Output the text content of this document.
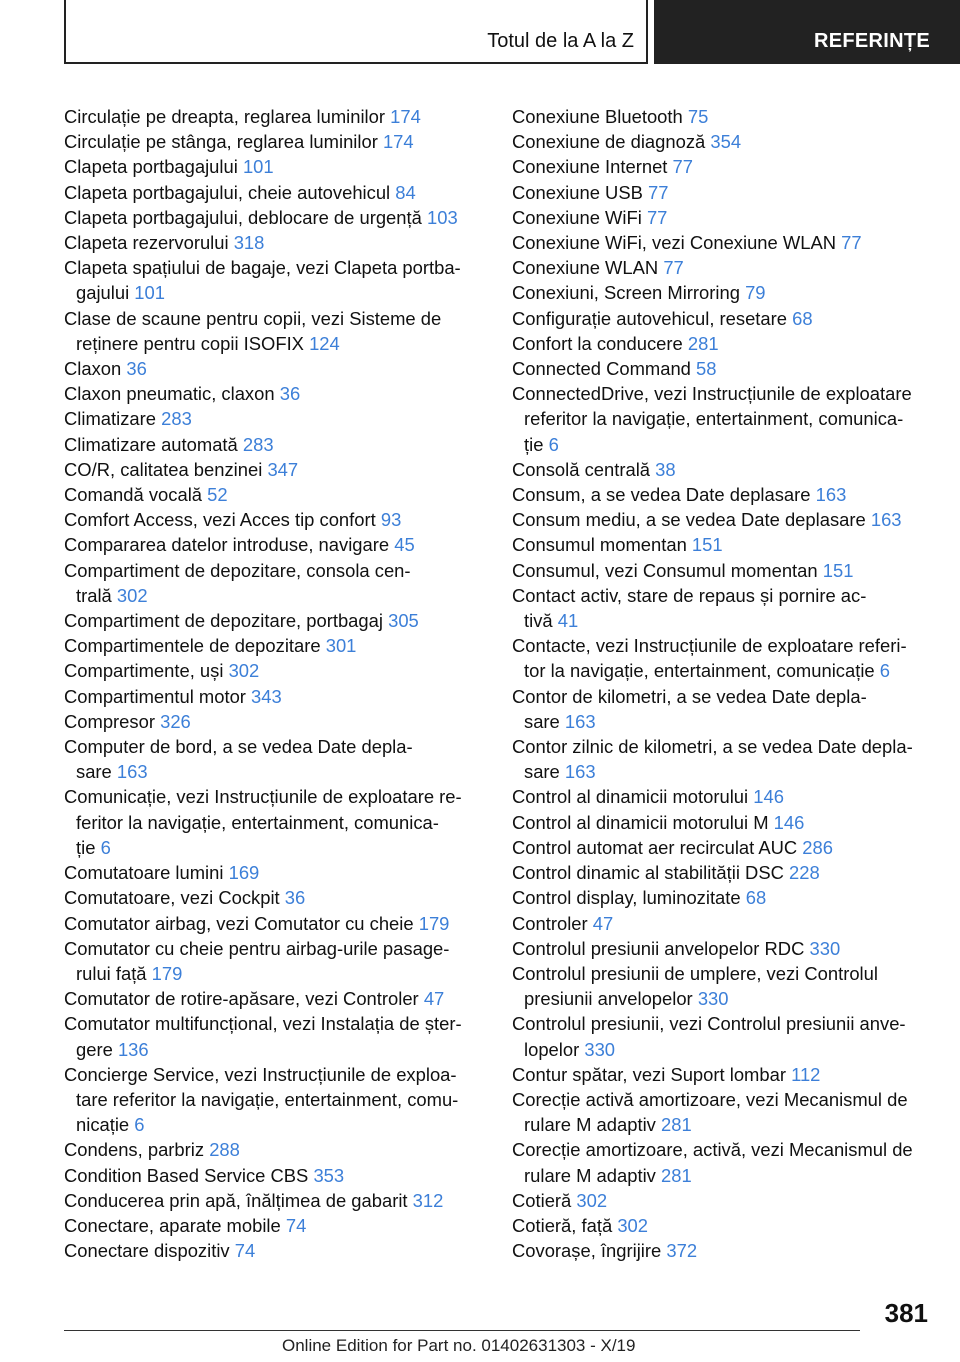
Totul de la A la Z	REFERINȚE
Circulație pe dreapta, reglarea luminilor 174
Circulație pe stânga, reglarea luminilor 174
Clapeta portbagajului 101
Clapeta portbagajului, cheie autovehicul 84
Clapeta portbagajului, deblocare de urgență 103
Clapeta rezervorului 318
Clapeta spațiului de bagaje, vezi Clapeta portba‐
gajului 101
Clase de scaune pentru copii, vezi Sisteme de
reținere pentru copii ISOFIX 124
Claxon 36
Claxon pneumatic, claxon 36
Climatizare 283
Climatizare automată 283
CO/R, calitatea benzinei 347
Comandă vocală 52
Comfort Access, vezi Acces tip confort 93
Compararea datelor introduse, navigare 45
Compartiment de depozitare, consola cen‐
trală 302
Compartiment de depozitare, portbagaj 305
Compartimentele de depozitare 301
Compartimente, uși 302
Compartimentul motor 343
Compresor 326
Computer de bord, a se vedea Date depla‐
sare 163
Comunicație, vezi Instrucțiunile de exploatare re‐
feritor la navigație, entertainment, comunica‐
ție 6
Comutatoare lumini 169
Comutatoare, vezi Cockpit 36
Comutator airbag, vezi Comutator cu cheie 179
Comutator cu cheie pentru airbag-urile pasage‐
rului față 179
Comutator de rotire-apăsare, vezi Controler 47
Comutator multifuncțional, vezi Instalația de șter‐
gere 136
Concierge Service, vezi Instrucțiunile de exploa‐
tare referitor la navigație, entertainment, comu‐
nicație 6
Condens, parbriz 288
Condition Based Service CBS 353
Conducerea prin apă, înălțimea de gabarit 312
Conectare, aparate mobile 74
Conectare dispozitiv 74
Conexiune Bluetooth 75
Conexiune de diagnoză 354
Conexiune Internet 77
Conexiune USB 77
Conexiune WiFi 77
Conexiune WiFi, vezi Conexiune WLAN 77
Conexiune WLAN 77
Conexiuni, Screen Mirroring 79
Configurație autovehicul, resetare 68
Confort la conducere 281
Connected Command 58
ConnectedDrive, vezi Instrucțiunile de exploatare
referitor la navigație, entertainment, comunica‐
ție 6
Consolă centrală 38
Consum, a se vedea Date deplasare 163
Consum mediu, a se vedea Date deplasare 163
Consumul momentan 151
Consumul, vezi Consumul momentan 151
Contact activ, stare de repaus și pornire ac‐
tivă 41
Contacte, vezi Instrucțiunile de exploatare referi‐
tor la navigație, entertainment, comunicație 6
Contor de kilometri, a se vedea Date depla‐
sare 163
Contor zilnic de kilometri, a se vedea Date depla‐
sare 163
Control al dinamicii motorului 146
Control al dinamicii motorului M 146
Control automat aer recirculat AUC 286
Control dinamic al stabilității DSC 228
Control display, luminozitate 68
Controler 47
Controlul presiunii anvelopelor RDC 330
Controlul presiunii de umplere, vezi Controlul
presiunii anvelopelor 330
Controlul presiunii, vezi Controlul presiunii anve‐
lopelor 330
Contur spătar, vezi Suport lombar 112
Corecție activă amortizoare, vezi Mecanismul de
rulare M adaptiv 281
Corecție amortizoare, activă, vezi Mecanismul de
rulare M adaptiv 281
Cotieră 302
Cotieră, față 302
Covorașe, îngrijire 372
381
Online Edition for Part no. 01402631303 - X/19
